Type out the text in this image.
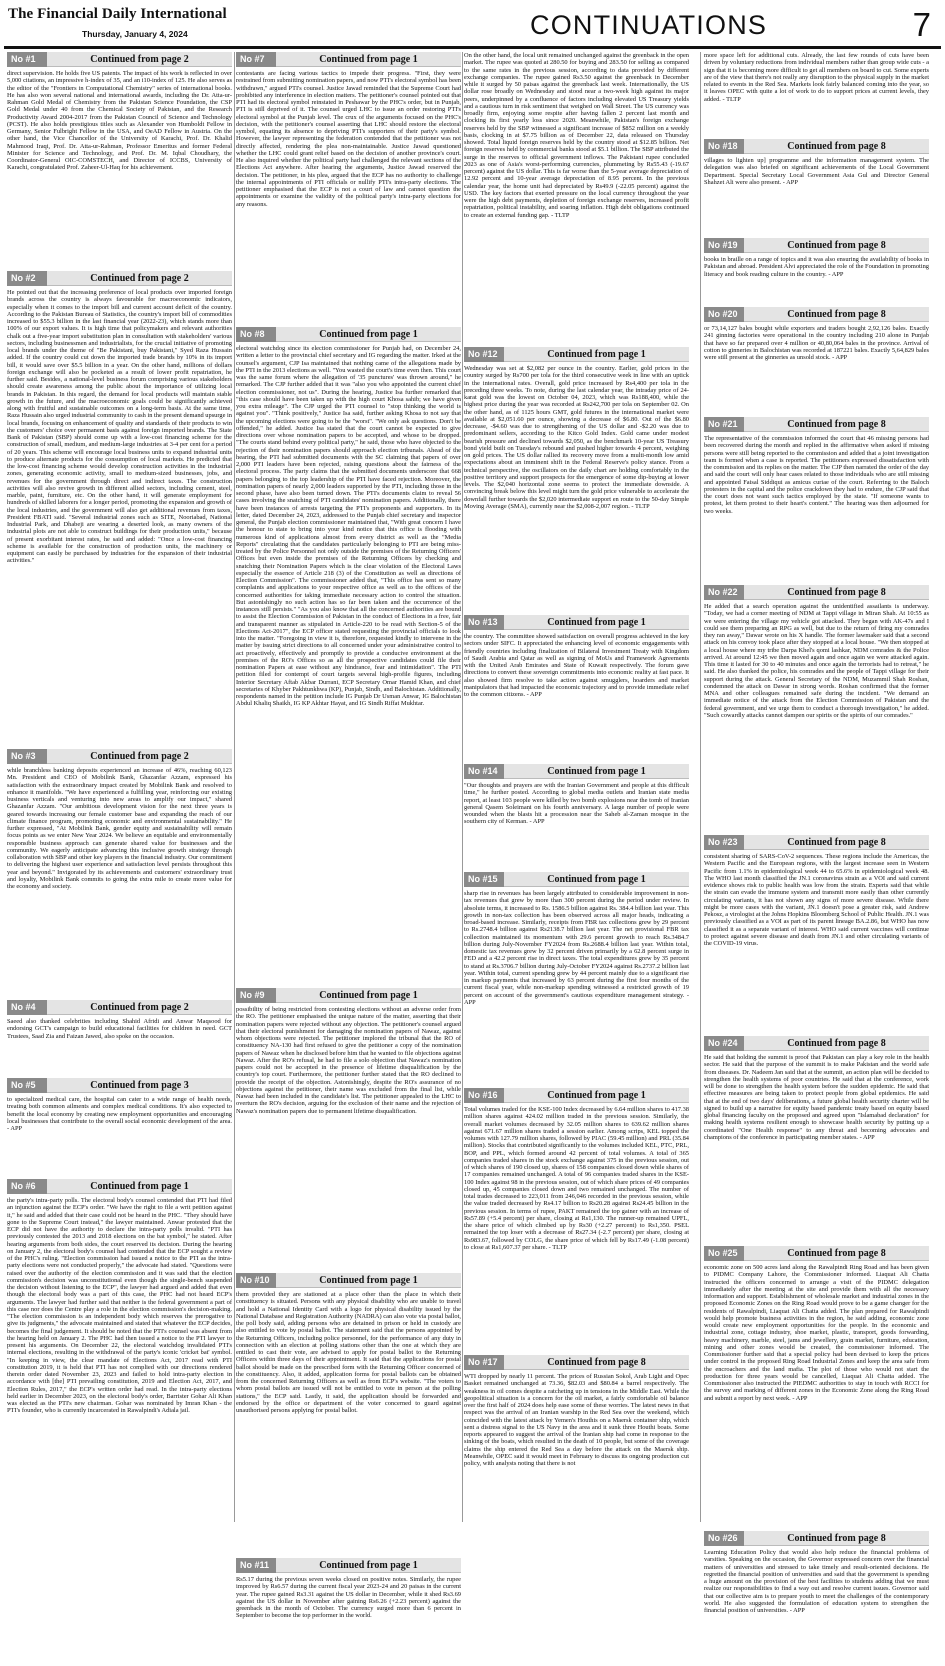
The Financial Daily International
Thursday, January 4, 2024	CONTINUATIONS	7
No #1	Continued from page 2

direct supervision. He holds five US patents. The impact of his work is reflected in over 5,000 citations, an impressive h-index of 35, and an i10-index of 125. He also serves as the editor of the "Frontiers in Computational Chemistry" series of international books. He has also won several national and international awards, including the Dr. Atta-ur-Rahman Gold Medal of Chemistry from the Pakistan Science Foundation, the CSP Gold Medal under 40 from the Chemical Society of Pakistan, and the Research Productivity Award 2004-2017 from the Pakistan Council of Science and Technology (PCST). He also holds prestigious titles such as Alexander von Humboldt Fellow in Germany, Senior Fulbright Fellow in the USA, and OeAD Fellow in Austria. On the other hand, the Vice Chancellor of the University of Karachi, Prof. Dr. Khalid Mahmood Iraqi, Prof. Dr. Atta-ur-Rahman, Professor Emeritus and former Federal Minister for Science and Technology, and Prof. Dr. M. Iqbal Choudhary, the Coordinator-General OIC-COMSTECH, and Director of ICCBS, University of Karachi, congratulated Prof. Zaheer-Ul-Haq for his achievement.

No #2	Continued from page 2

He pointed out that the increasing preference of local products over imported foreign brands across the country is always favourable for macroeconomic indicators, especially when it comes to the import bill and current account deficit of the country. According to the Pakistan Bureau of Statistics, the country's import bill of commodities increased to $55.3 billion in the last financial year (2022-23), which stands more than 100% of our export values. It is high time that policymakers and relevant authorities chalk out a five-year import substitution plan in consultation with stakeholders' various sectors, including businessmen and industrialists, for the crucial initiative of promoting local brands under the theme of "Be Pakistani, buy Pakistani," Syed Raza Hussain added. If the country could cut down the imported trade brands by 10% in its import bill, it would save over $5.5 billion in a year. On the other hand, millions of dollars foreign exchange will also be pocketed as a result of lower profit repatriation, he further said. Besides, a national-level business forum comprising various stakeholders should create awareness among the public about the importance of utilizing local brands in Pakistan. In this regard, the demand for local products will maintain stable growth in the future, and the macroeconomic goals could be significantly achieved along with fruitful and sustainable outcomes on a long-term basis. At the same time, Raza Hussain also urged industrial community to cash in the present demand upsurge in local brands, focusing on enhancement of quality and standards of their products to win the customers' choice over permanent basis against foreign imported brands. The State Bank of Pakistan (SBP) should come up with a low-cost financing scheme for the construction of small, medium, and medium-large industries at 3-4 per cent for a period of 20 years. This scheme will encourage local business units to expand industrial units to produce alternate products for the consumption of local markets. He predicted that the low-cost financing scheme would develop construction activities in the industrial zones, generating economic activity, small to medium-sized businesses, jobs, and revenues for the government through direct and indirect taxes. The construction activities will also revive growth in different allied sectors, including cement, steel, marble, paint, furniture, etc. On the other hand, it will generate employment for hundreds of skilled laborers for a longer period, promoting the expansion and growth of the local industries, and the government will also get additional revenues from taxes, President FBATI said. "Several industrial zones such as SITE, Nooriabad, National Industrial Park, and Dhabeji are wearing a deserted look, as many owners of the industrial plots are not able to construct buildings for their production units," because of present exorbitant interest rates, he said and added: "Once a low-cost financing scheme is available for the construction of production units, the machinery or equipment can easily be purchased by industries for the expansion of their industrial activities."

No #3	Continued from page 2

while branchless banking deposits experienced an increase of 46%, reaching 60,123 Mn. President and CEO of Mobilink Bank, Ghazanfar Azzam, expressed his satisfaction with the extraordinary impact created by Mobilink Bank and resolved to enhance it manifolds. "We have experienced a fulfilling year, reinforcing our existing business verticals and venturing into new areas to amplify our impact," shared Ghazanfar Azzam. "Our ambitious development vision for the next three years is geared towards increasing our female customer base and expanding the reach of our climate finance program, promoting economic and environmental sustainability." He further expressed, "At Mobilink Bank, gender equity and sustainability will remain focus points as we enter New Year 2024. We believe an equitable and environmentally responsible business approach can generate shared value for businesses and the community. We eagerly anticipate advancing this inclusive growth strategy through collaboration with SBP and other key players in the financial industry. Our commitment to delivering the highest user experience and satisfaction level persists throughout this year and beyond." Invigorated by its achievements and customers' extraordinary trust and loyalty, Mobilink Bank commits to going the extra mile to create more value for the economy and society.

No #4	Continued from page 2

Saeed also thanked celebrities including Shahid Afridi and Anwar Maqsood for endorsing GCT's campaign to build educational facilities for children in need. GCT Trustees, Saad Zia and Faizan Jawed, also spoke on the occasion.

No #5	Continued from page 3

to specialized medical care, the hospital can cater to a wide range of health needs, treating both common ailments and complex medical conditions. It's also expected to benefit the local economy by creating new employment opportunities and encouraging local businesses that contribute to the overall social economic development of the area. - APP

No #6	Continued from page 1

the party's intra-party polls. The electoral body's counsel contended that PTI had filed an injunction against the ECP's order. "We have the right to file a writ petition against it," he said and added that their case could not be heard in the PHC. "They should have gone to the Supreme Court instead," the lawyer maintained. Anwar protested that the ECP did not have the authority to declare the intra-party polls invalid. "PTI has previously contested the 2013 and 2018 elections on the bat symbol," he stated. After hearing arguments from both sides, the court reserved its decision. During the hearing on January 2, the electoral body's counsel had contended that the ECP sought a review of the PHC's ruling. "Election commission had issued a notice to the PTI as the intra-party elections were not conducted properly," the advocate had stated. "Questions were raised over the authority of the election commission and it was said that the election commission's decision was unconstitutional even though the single-bench suspended the decision without listening to the ECP", the lawyer had argued and added that even though the electoral body was a part of this case, the PHC had not heard ECP's arguments. The lawyer had further said that neither is the federal government a part of this case nor does the Centre play a role in the election commission's decision-making. "The election commission is an independent body which reserves the prerogative to give its judgments," the advocate maintained and stated that whatever the ECP decides, becomes the final judgement. It should be noted that the PTI's counsel was absent from the hearing held on January 2. The PHC had then issued a notice to the PTI lawyer to present his arguments. On December 22, the electoral watchdog invalidated PTI's internal elections, resulting in the withdrawal of the party's iconic 'cricket bat' symbol. "In keeping in view, the clear mandate of Elections Act, 2017 read with PTI constitution 2019, it is held that PTI has not complied with our directions rendered therein order dated November 23, 2023 and failed to hold intra-party election in accordance with [the] PTI prevailing constitution, 2019 and Election Act, 2017, and Election Rules, 2017," the ECP's written order had read. In the intra-party elections held earlier in December 2023, on the electoral body's order, Barrister Gohar Ali Khan was elected as the PTI's new chairman. Gohar was nominated by Imran Khan - the PTI's founder, who is currently incarcerated in Rawalpindi's Adiala jail.

No #7	Continued from page 1

contestants are facing various tactics to impede their progress. "First, they were restrained from submitting nomination papers, and now PTI's electoral symbol has been withdrawn," argued PTI's counsel. Justice Jawad reminded that the Supreme Court had prohibited any interference in election matters. The petitioner's counsel pointed out that PTI had its electoral symbol reinstated in Peshawar by the PHC's order, but in Punjab, PTI is still deprived of it. The counsel urged LHC to issue an order restoring PTI's electoral symbol at the Punjab level. The crux of the arguments focused on the PHC's decision, with the petitioner's counsel asserting that LHC should restore the electoral symbol, equating its absence to depriving PTI's supporters of their party's symbol. However, the lawyer representing the federation contended that the petitioner was not directly affected, rendering the plea non-maintainable. Justice Jawad questioned whether the LHC could grant relief based on the decision of another province's court. He also inquired whether the political party had challenged the relevant sections of the Elections Act anywhere. After hearing the arguments, Justice Jawad reserved the decision. The petitioner, in his plea, argued that the ECP has no authority to challenge the internal appointments of PTI officials or nullify PTI's intra-party elections. The petitioner emphasised that the ECP is not a court of law and cannot question the appointments or examine the validity of the political party's intra-party elections for any reasons.

No #8	Continued from page 1

electoral watchdog since its election commissioner for Punjab had, on December 24, written a letter to the provincial chief secretary and IG regarding the matter. Irked at the counsel's argument, CJP Isa maintained that nothing came of the allegations made by the PTI in the 2013 elections as well. "You wasted the court's time even then. This court was the same forum where the allegation of '35 punctures' was thrown around," he remarked. The CJP further added that it was "also you who appointed the current chief election commissioner, not us". During the hearing, Justice Isa further remarked that "this case should have been taken up with the high court Khosa sahib; we have given you extra mileage". The CJP urged the PTI counsel to "stop thinking the world is against you". "Think positively," Justice Isa said, further asking Khosa to not say that the upcoming elections were going to be the "worst". "We only ask questions. Don't be offended," he added. Justice Isa stated that the court cannot be expected to give directions over whose nomination papers to be accepted, and whose to be dropped. "The courts stand behind every political party," he said, those who have objected to the rejection of their nomination papers should approach election tribunals. Ahead of the hearing, the PTI had submitted documents with the SC claiming that papers of over 2,000 PTI leaders have been rejected, raising questions about the fairness of the electoral process. The party claims that the submitted documents underscore that 668 papers belonging to the top leadership of the PTI have faced rejection. Moreover, the nomination papers of nearly 2,000 leaders supported by the PTI, including those in the second phase, have also been turned down. The PTI's documents claim to reveal 56 cases involving the snatching of PTI candidates' nomination papers. Additionally, there have been instances of arrests targeting the PTI's proponents and supporters. In its letter, dated December 24, 2023, addressed to the Punjab chief secretary and inspector general, the Punjab election commissioner maintained that, "With great concern I have the honour to state to bring into your kind notice that this office is flooding with numerous kind of applications almost from every district as well as the "Media Reports" circulating that the candidates particularly belonging to PTI are being miss-treated by the Police Personnel not only outside the premises of the Returning Officers' Offices but even inside the premises of the Returning Officers by checking and snatching their Nomination Papers which is the clear violation of the Electoral Laws especially the essence of Article 218 (3) of the Constitution as well as directions of Election Commission". The commissioner added that, "This office has sent so many complaints and applications to your respective office as well as to the offices of the concerned authorities for taking immediate necessary action to control the situation. But astonishingly no such action has so far been taken and the occurrence of the instances still persists." "As you also know that all the concerned authorities are bound to assist the Election Commission of Pakistan in the conduct of Elections in a free, fair and transparent manner as stipulated in Article-220 to be read with Section-5 of the Elections Act-2017", the ECP officer stated requesting the provincial officials to look into the matter. "Foregoing in view it is, therefore, requested kindly to intervene in the matter by issuing strict directions to all concerned under your administrative control to act proactively, effectively and promptly to provide a conducive environment at the premises of the RO's Offices so as all the prospective candidates could file their nomination Papers at ease without any hindrance, fear and intimidation". The PTI petition filed for contempt of court targets several high-profile figures, including Interior Secretary Aftab Akbar Durrani, ECP Secretary Omar Hamid Khan, and chief secretaries of Khyber Pakhtunkhwa (KP), Punjab, Sindh, and Balochistan. Additionally, respondents named in the petition include IG Punjab Dr Usman Anwar, IG Balochistan Abdul Khaliq Shaikh, IG KP Akhtar Hayat, and IG Sindh Riffat Mukhtar.

No #9	Continued from page 1

possibility of being restricted from contesting elections without an adverse order from the RO. The petitioner emphasised the unique nature of the matter, asserting that their nomination papers were rejected without any objection. The petitioner's counsel argued that their electoral punishment for damaging the nomination papers of Nawaz, against whom objections were rejected. The petitioner implored the tribunal that the RO of constituency NA-130 had first refused to give the petitioner a copy of the nomination papers of Nawaz when he disclosed before him that he wanted to file objections against Nawaz. After the RO's refusal, he had to file a solo objection that Nawaz's nomination papers could not be accepted in the presence of lifetime disqualification by the country's top court. Furthermore, the petitioner further stated that the RO declined to provide the receipt of the objection. Astonishingly, despite the RO's assurance of no objections against the petitioner, their name was excluded from the final list, while Nawaz had been included in the candidate's list. The petitioner appealed to the LHC to overturn the RO's decision, arguing for the exclusion of their name and the rejection of Nawaz's nomination papers due to permanent lifetime disqualification.

No #10	Continued from page 1

them provided they are stationed at a place other than the place in which their constituency is situated. Persons with any physical disability who are unable to travel and hold a National Identity Card with a logo for physical disability issued by the National Database and Registration Authority (NADRA) can also vote via postal ballot, the poll body said, adding persons who are detained in prison or held in custody are also entitled to vote by postal ballot. The statement said that the persons appointed by the Returning Officers, including police personnel, for the performance of any duty in connection with an election at polling stations other than the one at which they are entitled to cast their vote, are advised to apply for postal ballot to the Returning Officers within three days of their appointment. It said that the applications for postal ballot should be made on the prescribed form with the Returning Officer concerned of the constituency. Also, it added, application forms for postal ballots can be obtained from the concerned Returning Officers as well as from ECP's website. "The voters to whom postal ballots are issued will not be entitled to vote in person at the polling stations," the ECP said. Lastly, it said, the application should be forwarded and endorsed by the office or department of the voter concerned to guard against unauthorised persons applying for postal ballot.

No #11	Continued from page 1

Rs5.17 during the previous seven weeks closed on positive notes. Similarly, the rupee improved by Rs6.57 during the current fiscal year 2023-24 and 20 paisas in the current year. The rupee gained Rs3.31 against the US dollar in December, while it shed Rs3.69 against the US dollar in November after gaining Rs6.26 (+2.23 percent) against the greenback in the month of October. The currency surged more than 6 percent in September to become the top performer in the world.

On the other hand, the local unit remained unchanged against the greenback in the open market. The rupee was quoted at 280.50 for buying and 283.50 for selling as compared to the same rates in the previous session, according to data provided by different exchange companies. The rupee gained Rs3.50 against the greenback in December while it surged by 50 paisas against the greenback last week. Internationally, the US dollar rose broadly on Wednesday and stood near a two-week high against its major peers, underpinned by a confluence of factors including elevated US Treasury yields and a cautious turn in risk sentiment that weighed on Wall Street. The US currency was broadly firm, enjoying some respite after having fallen 2 percent last month and clocking its first yearly loss since 2020. Meanwhile, Pakistan's foreign exchange reserves held by the SBP witnessed a significant increase of $852 million on a weekly basis, clocking in at $7.75 billion as of December 22, data released on Thursday showed. Total liquid foreign reserves held by the country stood at $12.85 billion. Net foreign reserves held by commercial banks stood at $5.1 billion. The SBP attributed the surge in the reserves to official government inflows. The Pakistani rupee concluded 2023 as one of Asia's worst-performing currencies, plummeting by Rs55.43 (-19.67 percent) against the US dollar. This is far worse than the 5-year average depreciation of 12.92 percent and 10-year average depreciation of 8.95 percent. In the previous calendar year, the home unit had depreciated by Rs49.9 (-22.05 percent) against the USD. The key factors that exerted pressure on the local currency throughout the year were the high debt payments, depletion of foreign exchange reserves, increased profit repatriation, political instability, and soaring inflation. High debt obligations continued to create an external funding gap. - TLTP

No #12	Continued from page 1

Wednesday was set at $2,082 per ounce in the country. Earlier, gold prices in the country surged by Rs700 per tola for the third consecutive week in line with an uptick in the international rates. Overall, gold price increased by Rs4,400 per tola in the preceding three weeks. To note, during the last calendar year, the intraday price of 24-karat gold was the lowest on October 04, 2023, which was Rs188,400, while the highest price during the year was recorded at Rs242,700 per tola on September 02. On the other hand, as of 1125 hours GMT, gold futures in the international market were available at $2,051.60 per ounce, showing a decrease of $6.80. Out of the $6.80 decrease, -$4.60 was due to strengthening of the US dollar and -$2.20 was due to predominant sellers, according to the Kitco Gold Index. Gold came under modest bearish pressure and declined towards $2,050, as the benchmark 10-year US Treasury bond yield built on Tuesday's rebound and pushed higher towards 4 percent, weighing on gold prices. The US dollar rallied its recovery move from a multi-month low amid expectations about an imminent shift in the Federal Reserve's policy stance. From a technical perspective, the oscillators on the daily chart are holding comfortably in the positive territory and support prospects for the emergence of some dip-buying at lower levels. The $2,040 horizontal zone seems to protect the immediate downside. A convincing break below this level might turn the gold price vulnerable to accelerate the downfall further towards the $2,020 intermediate support en route to the 50-day Simple Moving Average (SMA), currently near the $2,008-2,007 region. - TLTP

No #13	Continued from page 1

the country. The committee showed satisfaction on overall progress achieved in the key sectors under SIFC. It appreciated the enhancing level of economic engagements with friendly countries including finalization of Bilateral Investment Treaty with Kingdom of Saudi Arabia and Qatar as well as signing of MoUs and Framework Agreements with the United Arab Emirates and State of Kuwait respectively. The forum gave directions to convert these sovereign commitments into economic reality at fast pace. It also showed firm resolve to take action against smugglers, hoarders and market manipulators that had impacted the economic trajectory and to provide immediate relief to the common citizens. - APP

No #14	Continued from page 1

"Our thoughts and prayers are with the Iranian Government and people at this difficult time," he further posted. According to global media outlets and Iranian state media report, at least 103 people were killed by two bomb explosions near the tomb of Iranian general Qasem Soleimani on his fourth anniversary. A large number of people were wounded when the blasts hit a procession near the Saheb al-Zaman mosque in the southern city of Kerman. - APP

No #15	Continued from page 1

sharp rise in revenues has been largely attributed to considerable improvement in non-tax revenues that grew by more than 300 percent during the period under review. In absolute terms, it increased to Rs. 1586.5 billion against Rs. 384.4 billion last year. This growth in non-tax collection has been observed across all major heads, indicating a broad-based increase. Similarly, receipts from FBR tax collections grew by 29 percent to Rs.2748.4 billion against Rs2138.7 billion last year. The net provisional FBR tax collection maintained its momentum with 29.6 percent growth to reach Rs.3484.7 billion during July-November FY2024 from Rs.2688.4 billion last year. Within total, domestic tax revenues grew by 32 percent driven primarily by a 62.8 percent surge in FED and a 42.2 percent rise in direct taxes. The total expenditures grew by 35 percent to stand at Rs.3706.7 billion during July-October FY2024 against Rs.2737.2 billion last year. Within total, current spending grew by 44 percent mainly due to a significant rise in markup payments that increased by 63 percent during the first four months of the current fiscal year, while non-markup spending witnessed a restricted growth of 19 percent on account of the government's cautious expenditure management strategy. - APP

No #16	Continued from page 1

Total volumes traded for the KSE-100 Index decreased by 6.64 million shares to 417.38 million shares against 424.02 million traded in the previous session. Similarly, the overall market volumes decreased by 32.05 million shares to 639.62 million shares against 671.67 million shares traded a session earlier. Among scrips, KEL topped the volumes with 127.79 million shares, followed by PIAC (59.45 million) and PRL (35.84 million). Stocks that contributed significantly to the volumes included KEL, PTC, PRL, BOP, and PPL, which formed around 42 percent of total volumes. A total of 365 companies traded shares in the stock exchange against 375 in the previous session, out of which shares of 190 closed up, shares of 158 companies closed down while shares of 17 companies remained unchanged. A total of 96 companies traded shares in the KSE-100 Index against 98 in the previous session, out of which share prices of 49 companies closed up, 45 companies closed down and two remained unchanged. The number of total trades decreased to 223,011 from 246,046 recorded in the previous session, while the value traded decreased by Rs4.17 billion to Rs20.28 against Rs24.45 billion in the previous session. In terms of rupee, PAKT remained the top gainer with an increase of Rs57.89 (+5.4 percent) per share, closing at Rs1,130. The runner-up remained UPFL, the share price of which climbed up by Rs30 (+2.27 percent) to Rs1,350. PSEL remained the top loser with a decrease of Rs27.34 (-2.7 percent) per share, closing at Rs983.67, followed by COLG, the share price of which fell by Rs17.49 (-1.08 percent) to close at Rs1,607.37 per share. - TLTP

No #17	Continued from page 8

WTI dropped by nearly 11 percent. The prices of Russian Sokol, Arab Light and Opec Basket remained unchanged at 73.36, $82.03 and $80.84 a barrel respectively. The weakness in oil comes despite a ratcheting up in tensions in the Middle East. While the geopolitical situation is a concern for the oil market, a fairly comfortable oil balance over the first half of 2024 does help ease some of these worries. The latest news in that respect was the arrival of an Iranian warship in the Red Sea over the weekend, which coincided with the latest attack by Yemen's Houthis on a Maersk container ship, which sent a distress signal to the US Navy in the area and it sunk three Houthi boats. Some reports appeared to suggest the arrival of the Iranian ship had come in response to the sinking of the boats, which resulted in the death of 10 people, but some of the coverage claims the ship entered the Red Sea a day before the attack on the Maersk ship. Meanwhile, OPEC said it would meet in February to discuss its ongoing production cut policy, with analysts noting that there is not

more space left for additional cuts. Already, the last few rounds of cuts have been driven by voluntary reductions from individual members rather than group wide cuts - a sign that it is becoming more difficult to get all members on board to cut. Some experts are of the view that there's not really any disruption to the physical supply in the market related to events in the Red Sea. Markets look fairly balanced coming into the year, so it leaves OPEC with quite a lot of work to do to support prices at current levels, they added. - TLTP

No #18	Continued from page 8

villages to lighten up] programme and the information management system. The delegation was also briefed on significant achievements of the Local Government Department. Special Secretary Local Government Asia Gul and Director General Shahzet Ali were also present. - APP

No #19	Continued from page 8

books in braille on a range of topics and it was also ensuring the availability of books in Pakistan and abroad. President Alvi appreciated the role of the Foundation in promoting literacy and book reading culture in the country. - APP

No #20	Continued from page 8

or 73,14,127 bales bought while exporters and traders bought 2,92,126 bales. Exactly 241 ginning factories were operational in the country including 210 alone in Punjab that have so far prepared over 4 million or 40,80,064 bales in the province. Arrival of cotton to ginneries in Balochistan was recorded at 187221 bales. Exactly 5,64,829 bales were still present at the ginneries as unsold stock. - APP

No #21	Continued from page 8

The representative of the commission informed the court that 46 missing persons had been recovered during the month and replied in the affirmative when asked if missing persons were still being reported to the commission and added that a joint investigation team is formed when a case is reported. The petitioners expressed dissatisfaction with the commission and its replies on the matter. The CJP then narrated the order of the day and said the court will only hear cases related to those individuals who are still missing and appointed Faisal Siddiqui as amicus curiae of the court. Referring to the Baloch protesters in the capital and the police crackdown they had to endure, the CJP said that the court does not want such tactics employed by the state. "If someone wants to protest, let them protest to their heart's content." The hearing was then adjourned for two weeks.

No #22	Continued from page 8

He added that a search operation against the unidentified assailants is underway. "Today, we had a corner meeting of NDM at Tappi village in Miran Shah. At 10:55 as we were entering the village my vehicle got attacked. They began with AK-47s and I could see them preparing an RPG as well, but due to the return of firing my comrades they ran away," Dawar wrote on his X handle. The former lawmaker said that a second attack on his convoy took place after they stopped at a local house. "We then stopped at a local house where my tribe Darpa Khel's qomi lashkar, NDM comrades & the Police arrived. At around 12:45 we then moved again and once again we were attacked again. This time it lasted for 30 to 40 minutes and once again the terrorists had to retreat," he said. He also thanked the police, his comrades and the people of Tappi village for their support during the attack. General Secretary of the NDM, Muzammil Shah Roshan, condemned the attack on Dawar in strong words. Roshan confirmed that the former MNA and other colleagues remained safe during the incident. "We demand an immediate notice of the attack from the Election Commission of Pakistan and the federal government, and we urge them to conduct a thorough investigation," he added. "Such cowardly attacks cannot dampen our spirits or the spirits of our comrades."

No #23	Continued from page 8

consistent sharing of SARS-CoV-2 sequences. These regions include the Americas, the Western Pacific and the European regions, with the largest increase seen in Western Pacific from 1.1% in epidemiological week 44 to 65.6% in epidemiological week 48. The WHO last month classified the JN.1 coronavirus strain as a VOI and said current evidence shows risk to public health was low from the strain. Experts said that while the strain can evade the immune system and transmit more easily than other currently circulating variants, it has not shown any signs of more severe disease. While there might be more cases with the variant, JN.1 doesn't pose a greater risk, said Andrew Pekosz, a virologist at the Johns Hopkins Bloomberg School of Public Health. JN.1 was previously classified as a VOI as part of its parent lineage BA.2.86, but WHO has now classified it as a separate variant of interest. WHO said current vaccines will continue to protect against severe disease and death from JN.1 and other circulating variants of the COVID-19 virus.

No #24	Continued from page 8

He said that holding the summit is proof that Pakistan can play a key role in the health sector. He said that the purpose of the summit is to make Pakistan and the world safe from diseases. Dr. Nadeem Jan said that at the summit, an action plan will be decided to strengthen the health systems of poor countries. He said that at the conference, work will be done to strengthen the health system before the sudden epidemic. He said that effective measures are being taken to protect people from global epidemics. He said that at the end of two days' deliberations, a future global health security charter will be signed to build up a narrative for equity based pandemic treaty based on equity based global financing faculty on the proposed and agreed upon "Islamabad declaration" for making health systems resilient enough to showcase health security by putting up a coordinated "One Health response" to any threat and becoming advocates and champions of the conference in participating member states. - APP

No #25	Continued from page 8

economic zone on 500 acres land along the Rawalpindi Ring Road and has been given to PIDMC Company Lahore, the Commissioner informed. Liaquat Ali Chatta instructed the officers concerned to arrange a visit of the PIDMC delegation immediately after the meeting at the site and provide them with all the necessary information and support. Establishment of wholesale market and industrial zones in the proposed Economic Zones on the Ring Road would prove to be a game changer for the residents of Rawalpindi, Liaquat Ali Chatta added. The plan prepared for Rawalpindi would help promote business activities in the region, he said adding, economic zone would create new employment opportunities for the people. In the economic and industrial zone, cottage industry, shoe market, plastic, transport, goods forwarding, heavy machinery, marble, steel, jams and jewellery, grain market, furniture, education, mining and other zones would be created, the commissioner informed. The Commissioner further said that a special policy had been devised to keep the prices under control in the proposed Ring Road Industrial Zones and keep the area safe from the encroachers and the land mafia. The plot of those who would not start the production for three years would be cancelled, Liaquat Ali Chatta added. The Commissioner also instructed the PIEDMC authorities to stay in touch with RCCI for the survey and marking of different zones in the Economic Zone along the Ring Road and submit a report by next week. - APP

No #26	Continued from page 8

Learning Education Policy that would also help reduce the financial problems of varsities. Speaking on the occasion, the Governor expressed concern over the financial matters of universities and stressed to take timely and result-oriented decisions. He regretted the financial position of universities and said that the government is spending a huge amount on the provision of the best facilities to students adding that we must realize our responsibilities to find a way out and resolve current issues. Governor said that our collective aim is to prepare youth to meet the challenges of the contemporary world. He also suggested the formulation of education system to strengthen the financial position of universities. - APP
